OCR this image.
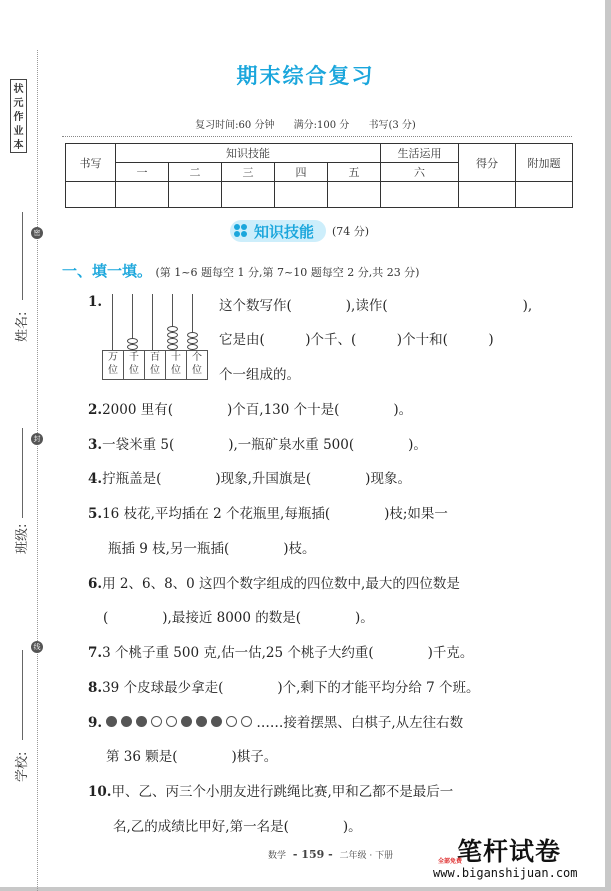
状
元
作
业
本
密
封
线
姓名:
班级:
学校:
期末综合复习
复习时间:60 分钟 满分:100 分 书写(3 分)
书写	知识技能					生活运用	得分	附加题
	一	二	三	四	五	六		

知识技能 (74 分)
一、填一填。 (第 1~6 题每空 1 分,第 7~10 题每空 2 分,共 23 分)
1.
万
位
千
位
百
位
十
位
个
位
这个数写作(　　　　),读作(　　　　　　　　　　),
它是由(　　　)个千、(　　　)个十和(　　　)
个一组成的。
2.2000 里有(　　　　)个百,130 个十是(　　　　)。
3.一袋米重 5(　　　　),一瓶矿泉水重 500(　　　　)。
4.拧瓶盖是(　　　　)现象,升国旗是(　　　　)现象。
5.16 枝花,平均插在 2 个花瓶里,每瓶插(　　　　)枝;如果一
瓶插 9 枝,另一瓶插(　　　　)枝。
6.用 2、6、8、0 这四个数字组成的四位数中,最大的四位数是
(　　　　),最接近 8000 的数是(　　　　)。
7.3 个桃子重 500 克,估一估,25 个桃子大约重(　　　　)千克。
8.39 个皮球最少拿走(　　　　)个,剩下的才能平均分给 7 个班。
9.	……接着摆黑、白棋子,从左往右数
第 36 颗是(　　　　)棋子。
10.甲、乙、丙三个小朋友进行跳绳比赛,甲和乙都不是最后一
名,乙的成绩比甲好,第一名是(　　　　)。
数学 - 159 - 二年级 · 下册	笔杆试卷
全部免费
www.biganshijuan.com
